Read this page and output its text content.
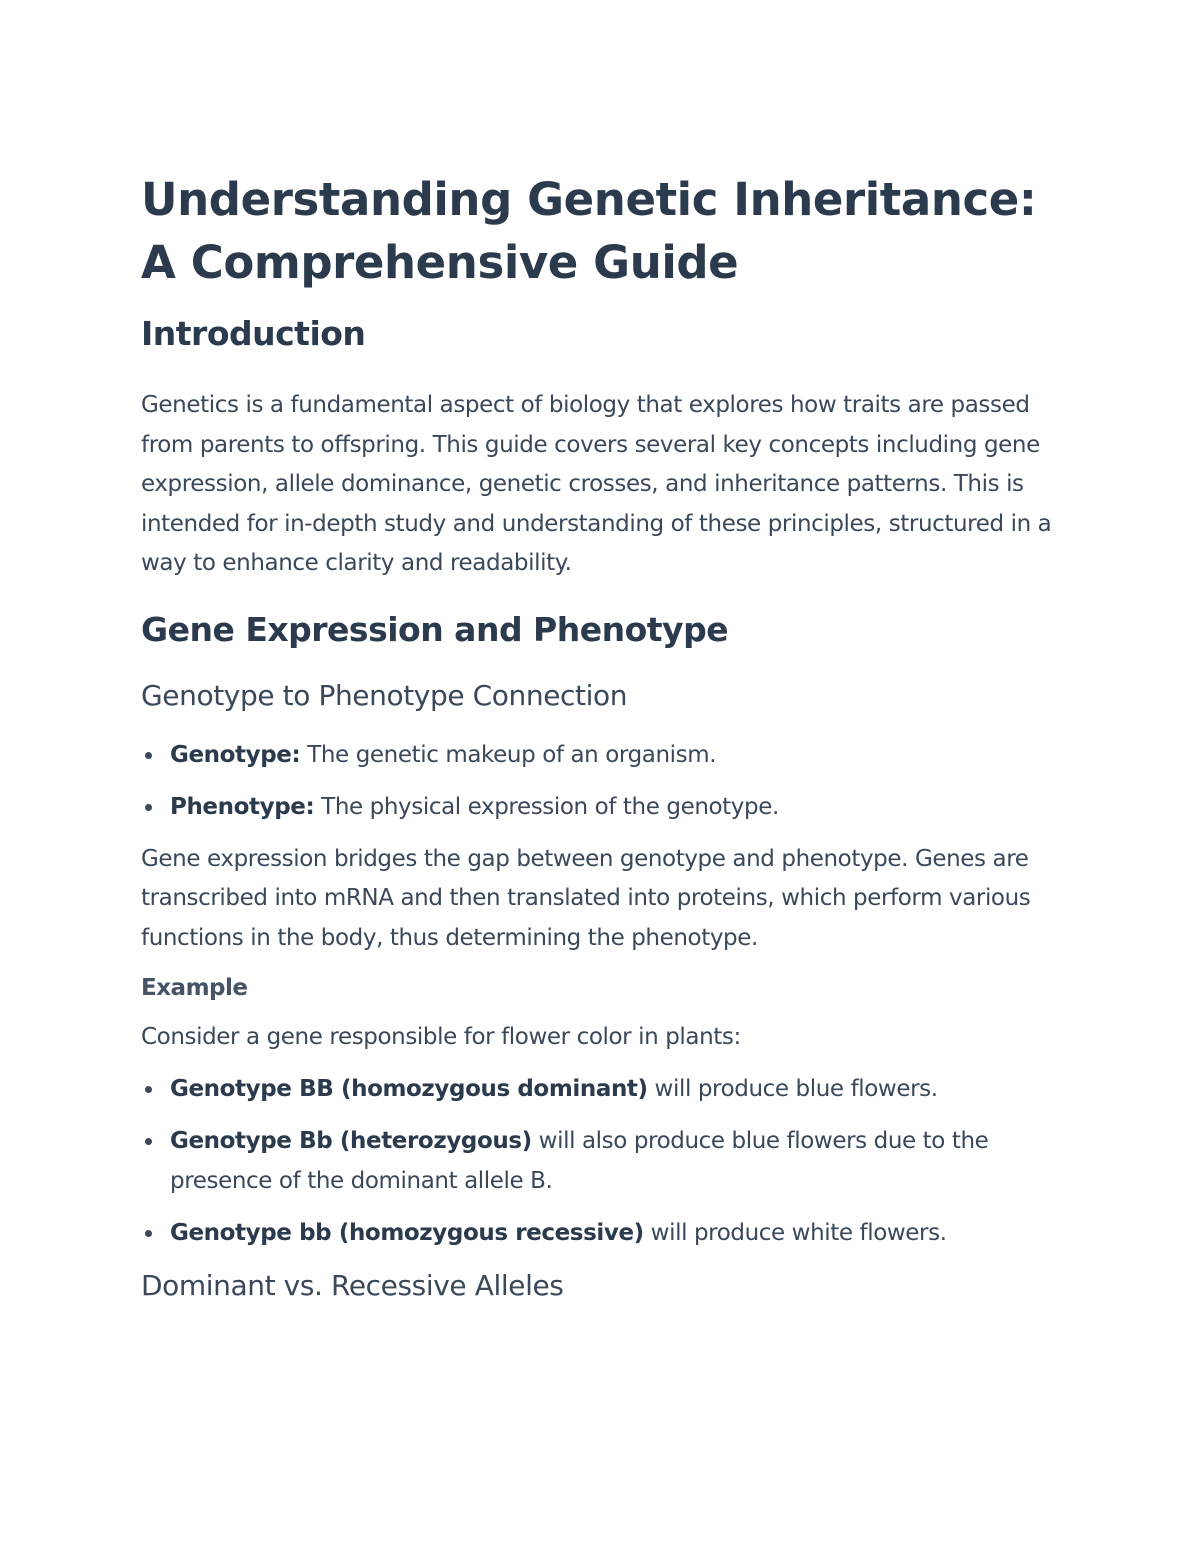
Understanding Genetic Inheritance: A Comprehensive Guide
Introduction

Genetics is a fundamental aspect of biology that explores how traits are passed from parents to offspring. This guide covers several key concepts including gene expression, allele dominance, genetic crosses, and inheritance patterns. This is intended for in-depth study and understanding of these principles, structured in a way to enhance clarity and readability.

Gene Expression and Phenotype
Genotype to Phenotype Connection
Genotype: The genetic makeup of an organism.
Phenotype: The physical expression of the genotype.

Gene expression bridges the gap between genotype and phenotype. Genes are transcribed into mRNA and then translated into proteins, which perform various functions in the body, thus determining the phenotype.

Example

Consider a gene responsible for flower color in plants:

Genotype BB (homozygous dominant) will produce blue flowers.
Genotype Bb (heterozygous) will also produce blue flowers due to the presence of the dominant allele B.
Genotype bb (homozygous recessive) will produce white flowers.
Dominant vs. Recessive Alleles
